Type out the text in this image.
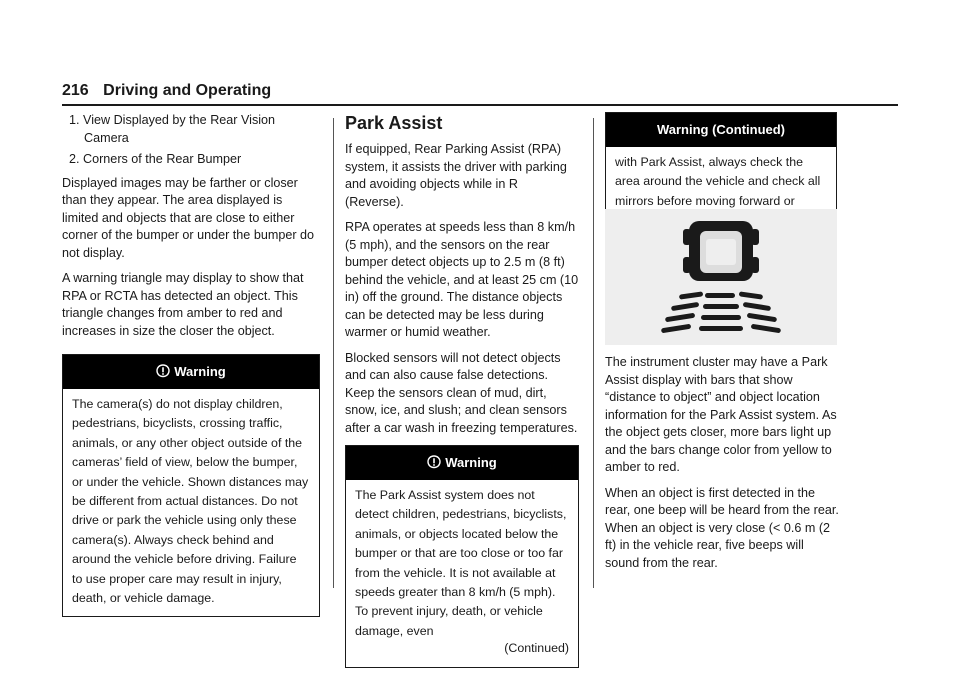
216 Driving and Operating
1. View Displayed by the Rear Vision Camera
2. Corners of the Rear Bumper

Displayed images may be farther or closer than they appear. The area displayed is limited and objects that are close to either corner of the bumper or under the bumper do not display.

A warning triangle may display to show that RPA or RCTA has detected an object. This triangle changes from amber to red and increases in size the closer the object.

Warning
The camera(s) do not display children, pedestrians, bicyclists, crossing traffic, animals, or any other object outside of the cameras’ field of view, below the bumper, or under the vehicle. Shown distances may be different from actual distances. Do not drive or park the vehicle using only these camera(s). Always check behind and around the vehicle before driving. Failure to use proper care may result in injury, death, or vehicle damage.
Park Assist

If equipped, Rear Parking Assist (RPA) system, it assists the driver with parking and avoiding objects while in R (Reverse).

RPA operates at speeds less than 8 km/h (5 mph), and the sensors on the rear bumper detect objects up to 2.5 m (8 ft) behind the vehicle, and at least 25 cm (10 in) off the ground. The distance objects can be detected may be less during warmer or humid weather.

Blocked sensors will not detect objects and can also cause false detections. Keep the sensors clean of mud, dirt, snow, ice, and slush; and clean sensors after a car wash in freezing temperatures.

Warning
The Park Assist system does not detect children, pedestrians, bicyclists, animals, or objects located below the bumper or that are too close or too far from the vehicle. It is not available at speeds greater than 8 km/h (5 mph). To prevent injury, death, or vehicle damage, even
(Continued)
Warning (Continued)
with Park Assist, always check the area around the vehicle and check all mirrors before moving forward or

The instrument cluster may have a Park Assist display with bars that show “distance to object” and object location information for the Park Assist system. As the object gets closer, more bars light up and the bars change color from yellow to amber to red.

When an object is first detected in the rear, one beep will be heard from the rear. When an object is very close (< 0.6 m (2 ft) in the vehicle rear, five beeps will sound from the rear.
